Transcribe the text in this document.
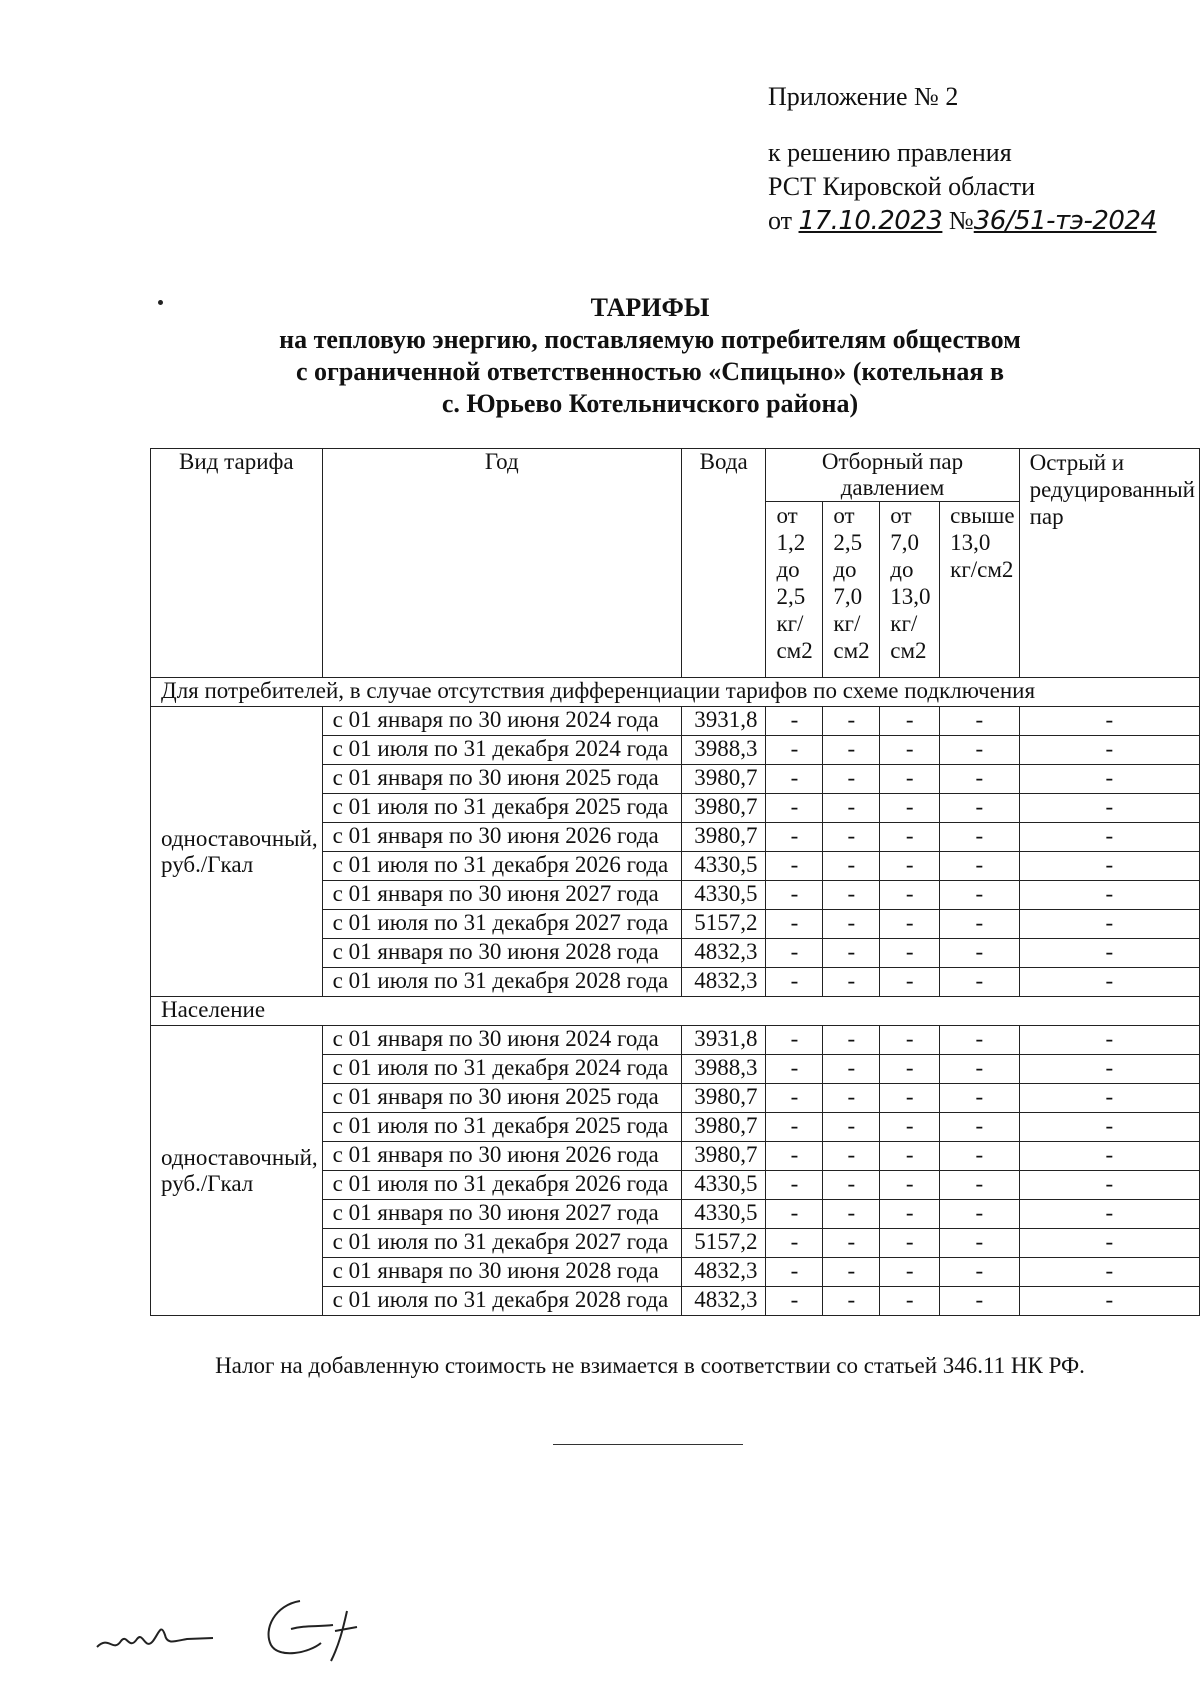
Приложение № 2
к решению правления
РСТ Кировской области
от 17.10.2023 №36/51-тэ-2024
ТАРИФЫ
на тепловую энергию, поставляемую потребителям обществом
с ограниченной ответственностью «Спицыно» (котельная в
с. Юрьево Котельничского района)
Вид тарифа	Год	Вода	Отборный пар давлением				Острый и редуцированный пар
			от 1,2 до 2,5 кг/см2	от 2,5 до 7,0 кг/см2	от 7,0 до 13,0 кг/см2	свыше 13,0 кг/см2	
Для потребителей, в случае отсутствия дифференциации тарифов по схеме подключения							
одноставочный, руб./Гкал	с 01 января по 30 июня 2024 года	3931,8	-	-	-	-	-
	с 01 июля по 31 декабря 2024 года	3988,3	-	-	-	-	-
	с 01 января по 30 июня 2025 года	3980,7	-	-	-	-	-
	с 01 июля по 31 декабря 2025 года	3980,7	-	-	-	-	-
	с 01 января по 30 июня 2026 года	3980,7	-	-	-	-	-
	с 01 июля по 31 декабря 2026 года	4330,5	-	-	-	-	-
	с 01 января по 30 июня 2027 года	4330,5	-	-	-	-	-
	с 01 июля по 31 декабря 2027 года	5157,2	-	-	-	-	-
	с 01 января по 30 июня 2028 года	4832,3	-	-	-	-	-
	с 01 июля по 31 декабря 2028 года	4832,3	-	-	-	-	-
Население							
одноставочный, руб./Гкал	с 01 января по 30 июня 2024 года	3931,8	-	-	-	-	-
	с 01 июля по 31 декабря 2024 года	3988,3	-	-	-	-	-
	с 01 января по 30 июня 2025 года	3980,7	-	-	-	-	-
	с 01 июля по 31 декабря 2025 года	3980,7	-	-	-	-	-
	с 01 января по 30 июня 2026 года	3980,7	-	-	-	-	-
	с 01 июля по 31 декабря 2026 года	4330,5	-	-	-	-	-
	с 01 января по 30 июня 2027 года	4330,5	-	-	-	-	-
	с 01 июля по 31 декабря 2027 года	5157,2	-	-	-	-	-
	с 01 января по 30 июня 2028 года	4832,3	-	-	-	-	-
	с 01 июля по 31 декабря 2028 года	4832,3	-	-	-	-	-
Налог на добавленную стоимость не взимается в соответствии со статьей 346.11 НК РФ.
